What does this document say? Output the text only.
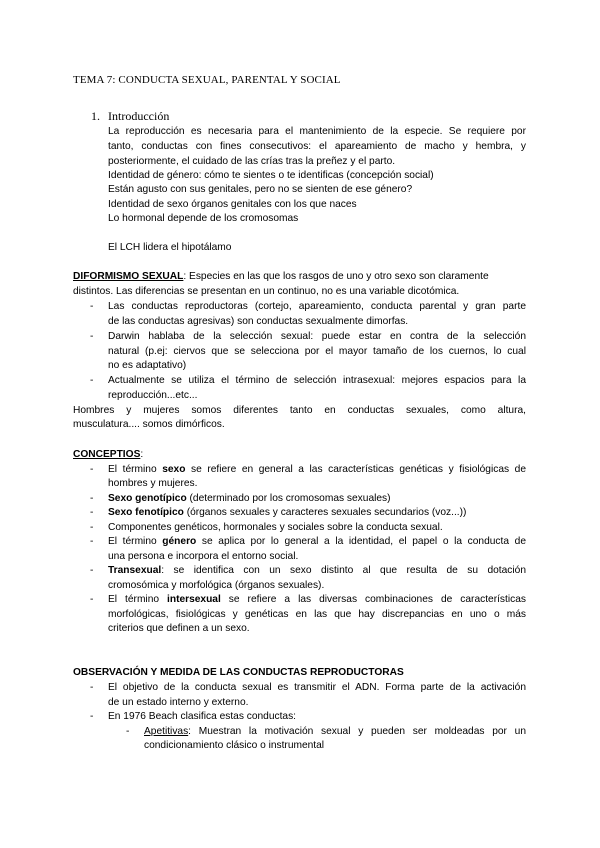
TEMA 7: CONDUCTA SEXUAL, PARENTAL Y SOCIAL
1. Introducción
La reproducción es necesaria para el mantenimiento de la especie. Se requiere por
tanto, conductas con fines consecutivos: el apareamiento de macho y hembra, y
posteriormente, el cuidado de las crías tras la preñez y el parto.
Identidad de género: cómo te sientes o te identificas (concepción social)
Están agusto con sus genitales, pero no se sienten de ese género?
Identidad de sexo órganos genitales con los que naces
Lo hormonal depende de los cromosomas
El LCH lidera el hipotálamo
DIFORMISMO SEXUAL: Especies en las que los rasgos de uno y otro sexo son claramente
distintos. Las diferencias se presentan en un continuo, no es una variable dicotómica.
- Las conductas reproductoras (cortejo, apareamiento, conducta parental y gran parte
de las conductas agresivas) son conductas sexualmente dimorfas.
- Darwin hablaba de la selección sexual: puede estar en contra de la selección
natural (p.ej: ciervos que se selecciona por el mayor tamaño de los cuernos, lo cual
no es adaptativo)
- Actualmente se utiliza el término de selección intrasexual: mejores espacios para la
reproducción...etc...
Hombres y mujeres somos diferentes tanto en conductas sexuales, como altura,
musculatura.... somos dimórficos.
CONCEPTIOS:
- El término sexo se refiere en general a las características genéticas y fisiológicas de
hombres y mujeres.
- Sexo genotípico (determinado por los cromosomas sexuales)
- Sexo fenotípico (órganos sexuales y caracteres sexuales secundarios (voz...))
- Componentes genéticos, hormonales y sociales sobre la conducta sexual.
- El término género se aplica por lo general a la identidad, el papel o la conducta de
una persona e incorpora el entorno social.
- Transexual: se identifica con un sexo distinto al que resulta de su dotación
cromosómica y morfológica (órganos sexuales).
- El término intersexual se refiere a las diversas combinaciones de características
morfológicas, fisiológicas y genéticas en las que hay discrepancias en uno o más
criterios que definen a un sexo.
OBSERVACIÓN Y MEDIDA DE LAS CONDUCTAS REPRODUCTORAS
- El objetivo de la conducta sexual es transmitir el ADN. Forma parte de la activación
de un estado interno y externo.
- En 1976 Beach clasifica estas conductas:
- Apetitivas: Muestran la motivación sexual y pueden ser moldeadas por un
condicionamiento clásico o instrumental
